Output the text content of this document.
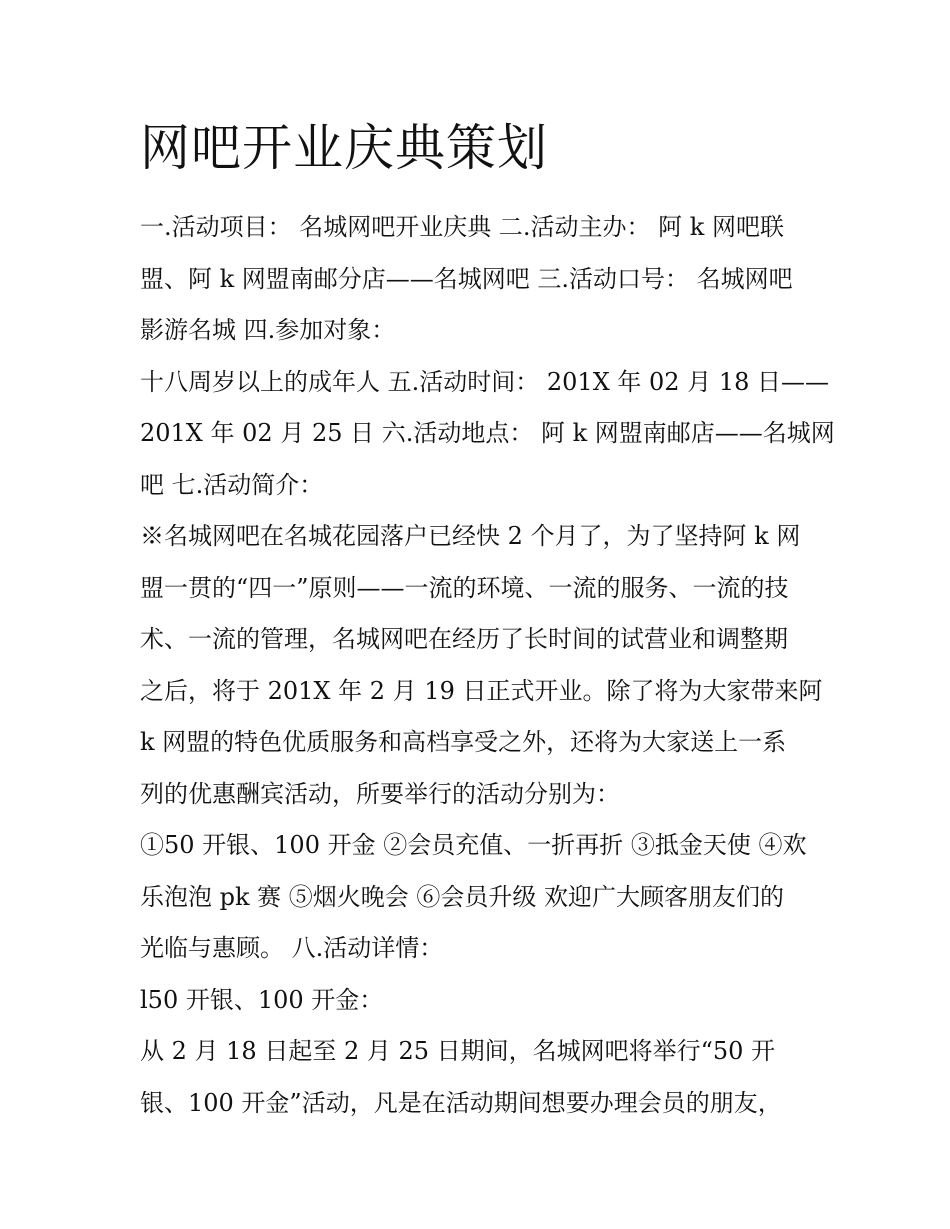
网吧开业庆典策划
一.活动项目： 名城网吧开业庆典 二.活动主办： 阿 k 网吧联
盟、阿 k 网盟南邮分店——名城网吧 三.活动口号： 名城网吧
影游名城 四.参加对象：
十八周岁以上的成年人 五.活动时间： 201X 年 02 月 18 日——
201X 年 02 月 25 日 六.活动地点： 阿 k 网盟南邮店——名城网
吧 七.活动简介：
※名城网吧在名城花园落户已经快 2 个月了，为了坚持阿 k 网
盟一贯的“四一”原则——一流的环境、一流的服务、一流的技
术、一流的管理，名城网吧在经历了长时间的试营业和调整期
之后，将于 201X 年 2 月 19 日正式开业。除了将为大家带来阿
k 网盟的特色优质服务和高档享受之外，还将为大家送上一系
列的优惠酬宾活动，所要举行的活动分别为：
①50 开银、100 开金 ②会员充值、一折再折 ③抵金天使 ④欢
乐泡泡 pk 赛 ⑤烟火晚会 ⑥会员升级 欢迎广大顾客朋友们的
光临与惠顾。 八.活动详情：
l50 开银、100 开金：
从 2 月 18 日起至 2 月 25 日期间，名城网吧将举行“50 开
银、100 开金”活动，凡是在活动期间想要办理会员的朋友，
